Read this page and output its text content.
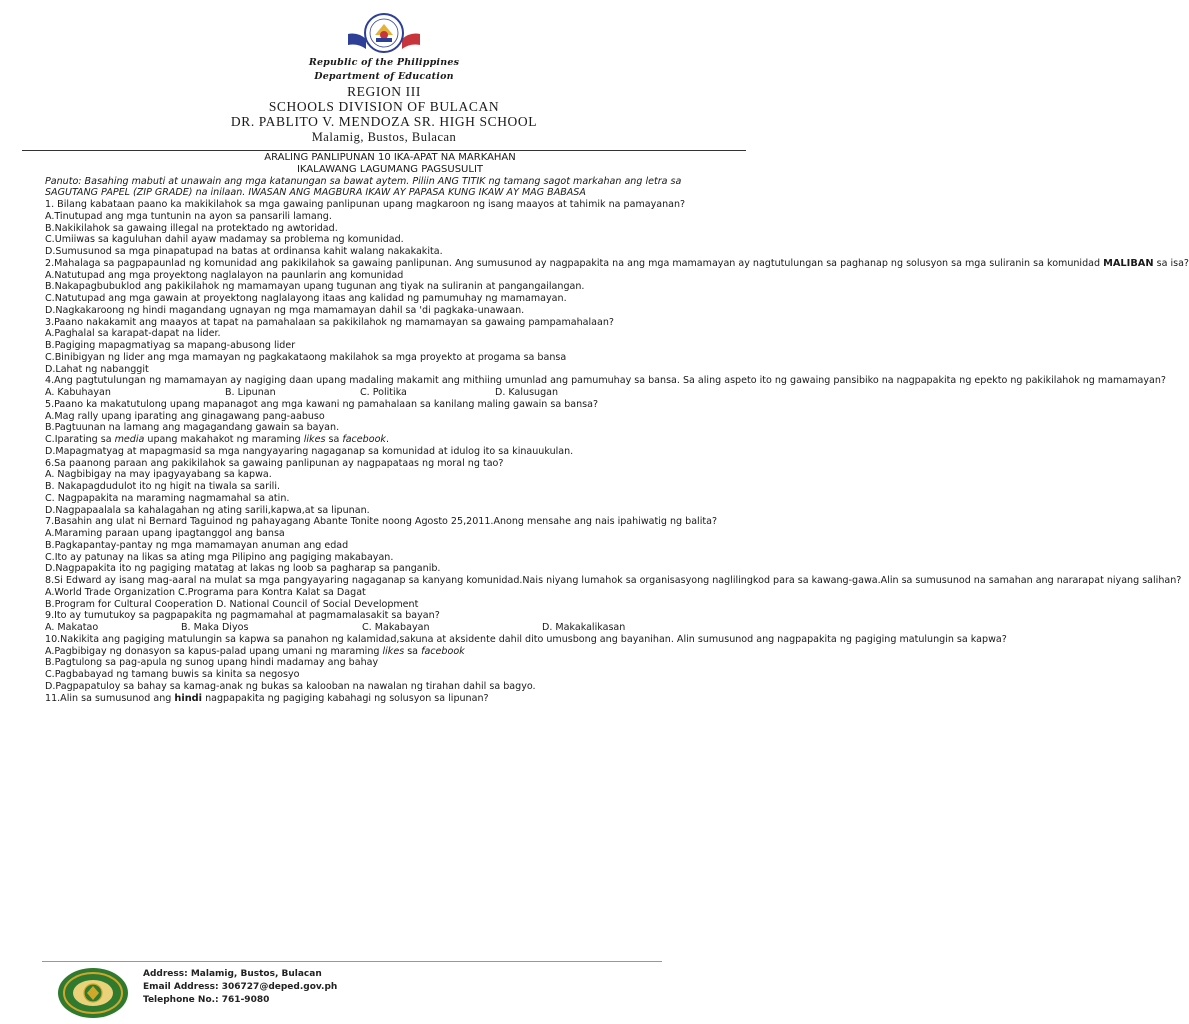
Republic of the Philippines
Department of Education
REGION III
SCHOOLS DIVISION OF BULACAN
DR. PABLITO V. MENDOZA SR. HIGH SCHOOL
Malamig, Bustos, Bulacan
ARALING PANLIPUNAN 10 IKA-APAT NA MARKAHAN
IKALAWANG LAGUMANG PAGSUSULIT
Panuto: Basahing mabuti at unawain ang mga katanungan sa bawat aytem. Piliin ANG TITIK ng tamang sagot markahan ang letra sa SAGUTANG PAPEL (ZIP GRADE) na inilaan. IWASAN ANG MAGBURA IKAW AY PAPASA KUNG IKAW AY MAG BABASA
1. Bilang kabataan paano ka makikilahok sa mga gawaing panlipunan upang magkaroon ng isang maayos at tahimik na pamayanan?
A.Tinutupad ang mga tuntunin na ayon sa pansarili lamang.
B.Nakikilahok sa gawaing illegal na protektado ng awtoridad.
C.Umiiwas sa kaguluhan dahil ayaw madamay sa problema ng komunidad.
D.Sumusunod sa mga pinapatupad na batas at ordinansa kahit walang nakakakita.
2.Mahalaga sa pagpapaunlad ng komunidad ang pakikilahok sa gawaing panlipunan. Ang sumusunod ay nagpapakita na ang mga mamamayan ay nagtutulungan sa paghanap ng solusyon sa mga suliranin sa komunidad MALIBAN sa isa?
A.Natutupad ang mga proyektong naglalayon na paunlarin ang komunidad
B.Nakapagbubuklod ang pakikilahok ng mamamayan upang tugunan ang tiyak na suliranin at pangangailangan.
C.Natutupad ang mga gawain at proyektong naglalayong itaas ang kalidad ng pamumuhay ng mamamayan.
D.Nagkakaroong ng hindi magandang ugnayan ng mga mamamayan dahil sa 'di pagkaka-unawaan.
3.Paano nakakamit ang maayos at tapat na pamahalaan sa pakikilahok ng mamamayan sa gawaing pampamahalaan?
A.Paghalal sa karapat-dapat na lider.
B.Pagiging mapagmatiyag sa mapang-abusong lider
C.Binibigyan ng lider ang mga mamayan ng pagkakataong makilahok sa mga proyekto at progama sa bansa
D.Lahat ng nabanggit
4.Ang pagtutulungan ng mamamayan ay nagiging daan upang madaling makamit ang mithiing umunlad ang pamumuhay sa bansa. Sa aling aspeto ito ng gawaing pansibiko na nagpapakita ng epekto ng pakikilahok ng mamamayan?
A. Kabuhayan	B. Lipunan	C. Politika	D. Kalusugan
5.Paano ka makatutulong upang mapanagot ang mga kawani ng pamahalaan sa kanilang maling gawain sa bansa?
A.Mag rally upang iparating ang ginagawang pang-aabuso
B.Pagtuunan na lamang ang magagandang gawain sa bayan.
C.Iparating sa media upang makahakot ng maraming likes sa facebook.
D.Mapagmatyag at mapagmasid sa mga nangyayaring nagaganap sa komunidad at idulog ito sa kinauukulan.
6.Sa paanong paraan ang pakikilahok sa gawaing panlipunan ay nagpapataas ng moral ng tao?
A. Nagbibigay na may ipagyayabang sa kapwa.
B. Nakapagdudulot ito ng higit na tiwala sa sarili.
C. Nagpapakita na maraming nagmamahal sa atin.
D.Nagpapaalala sa kahalagahan ng ating sarili,kapwa,at sa lipunan.
7.Basahin ang ulat ni Bernard Taguinod ng pahayagang Abante Tonite noong Agosto 25,2011.Anong mensahe ang nais ipahiwatig ng balita?
A.Maraming paraan upang ipagtanggol ang bansa
B.Pagkapantay-pantay ng mga mamamayan anuman ang edad
C.Ito ay patunay na likas sa ating mga Pilipino ang pagiging makabayan.
D.Nagpapakita ito ng pagiging matatag at lakas ng loob sa pagharap sa panganib.
8.Si Edward ay isang mag-aaral na mulat sa mga pangyayaring nagaganap sa kanyang komunidad.Nais niyang lumahok sa organisasyong naglilingkod para sa kawang-gawa.Alin sa sumusunod na samahan ang nararapat niyang salihan?
A.World Trade Organization C.Programa para Kontra Kalat sa Dagat
B.Program for Cultural Cooperation D. National Council of Social Development
9.Ito ay tumutukoy sa pagpapakita ng pagmamahal at pagmamalasakit sa bayan?
A. Makatao	B. Maka Diyos	C. Makabayan	D. Makakalikasan
10.Nakikita ang pagiging matulungin sa kapwa sa panahon ng kalamidad,sakuna at aksidente dahil dito umusbong ang bayanihan. Alin sumusunod ang nagpapakita ng pagiging matulungin sa kapwa?
A.Pagbibigay ng donasyon sa kapus-palad upang umani ng maraming likes sa facebook
B.Pagtulong sa pag-apula ng sunog upang hindi madamay ang bahay
C.Pagbabayad ng tamang buwis sa kinita sa negosyo
D.Pagpapatuloy sa bahay sa kamag-anak ng bukas sa kalooban na nawalan ng tirahan dahil sa bagyo.
11.Alin sa sumusunod ang hindi nagpapakita ng pagiging kabahagi ng solusyon sa lipunan?
Address: Malamig, Bustos, Bulacan
Email Address: 306727@deped.gov.ph
Telephone No.: 761-9080
